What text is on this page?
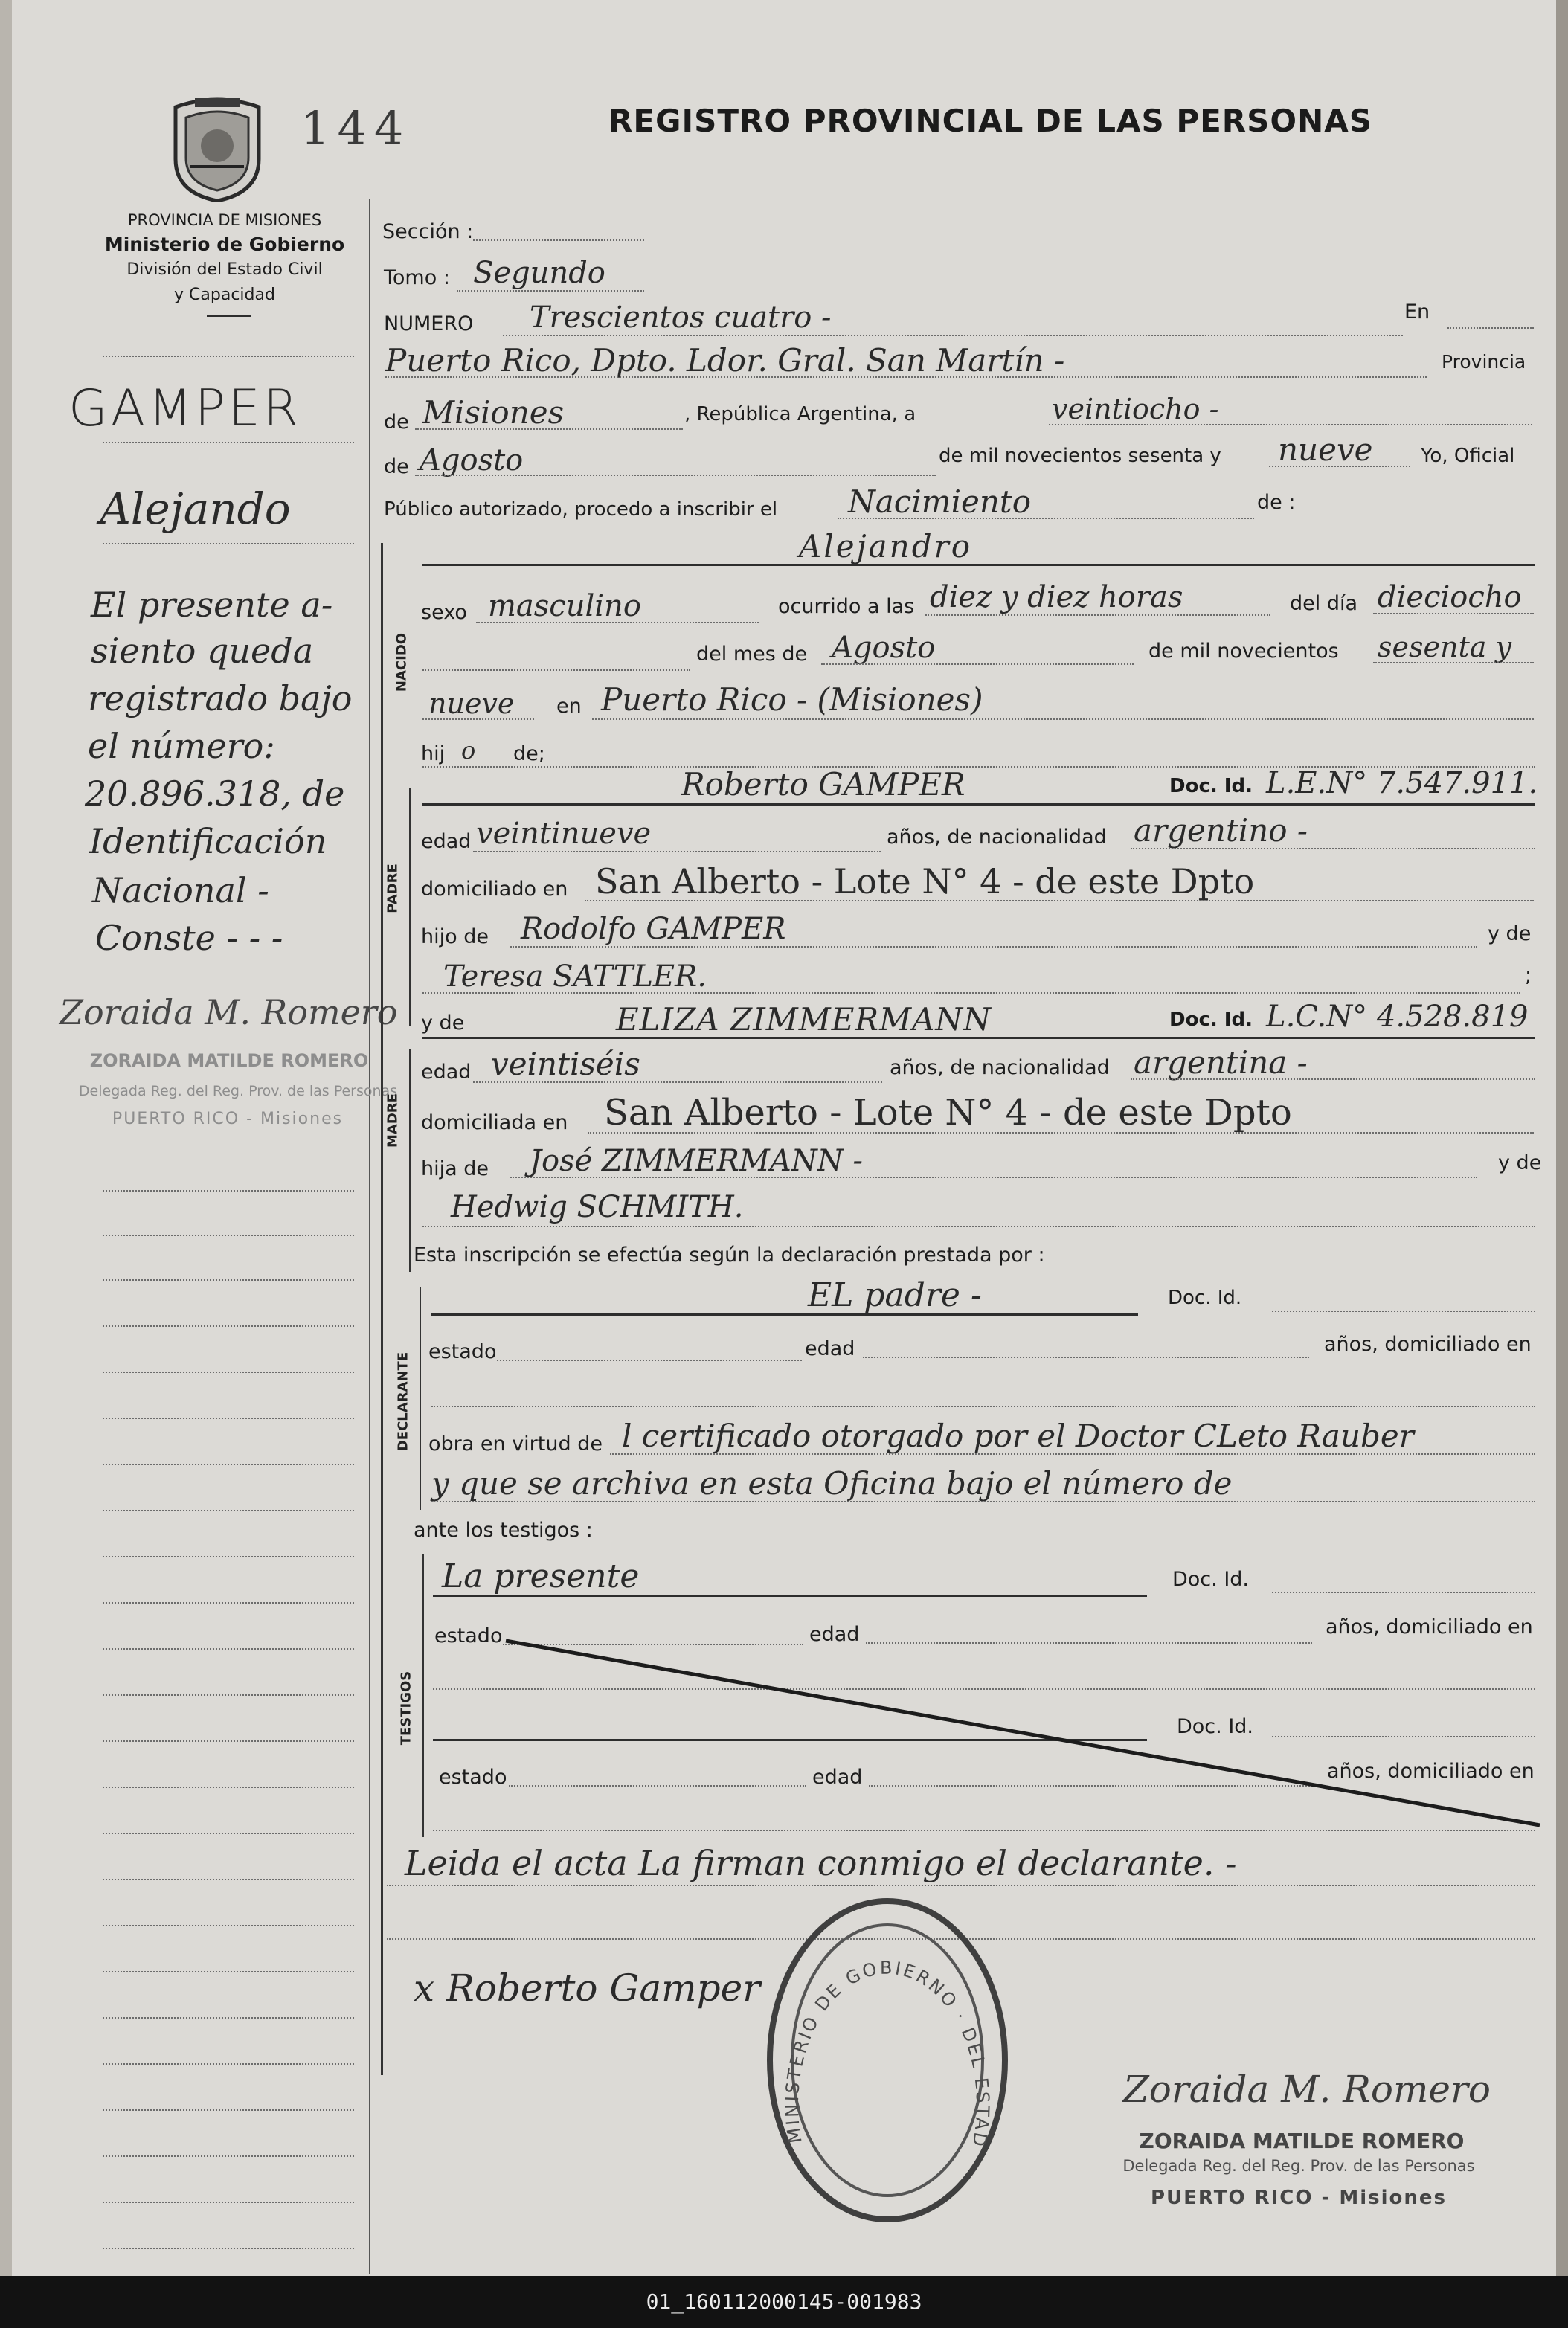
144	REGISTRO PROVINCIAL DE LAS PERSONAS
PROVINCIA DE MISIONES
Ministerio de Gobierno
División del Estado Civil
y Capacidad
GAMPER
Alejando
El presente a-
siento queda
registrado bajo
el número:
20.896.318, de
Identificación
Nacional -
Conste - - -
Zoraida M. Romero
ZORAIDA MATILDE ROMERO
Delegada Reg. del Reg. Prov. de las Personas
PUERTO RICO - Misiones
Sección :
Tomo : Segundo
NUMERO Trescientos cuatro -	En
Puerto Rico, Dpto. Ldor. Gral. San Martín -	Provincia
de Misiones	, República Argentina, a	veintiocho -
de Agosto	de mil novecientos sesenta y nueve Yo, Oficial
Público autorizado, procedo a inscribir el Nacimiento	de :
NACIDO
Alejandro
sexo masculino	ocurrido a las diez y diez horas	del día dieciocho
del mes de Agosto	de mil novecientos sesenta y
nueve en Puerto Rico - (Misiones)
hij o de;
PADRE
Roberto GAMPER	Doc. Id. L.E.N° 7.547.911.
edad veintinueve	años, de nacionalidad argentino -
domiciliado en San Alberto - Lote N° 4 - de este Dpto
hijo de Rodolfo GAMPER	y de
Teresa SATTLER.	;
y de	ELIZA ZIMMERMANN	Doc. Id. L.C.N° 4.528.819
MADRE
edad veintiséis	años, de nacionalidad argentina -
domiciliada en San Alberto - Lote N° 4 - de este Dpto
hija de José ZIMMERMANN -	y de
Hedwig SCHMITH.
Esta inscripción se efectúa según la declaración prestada por :
DECLARANTE
EL padre -	Doc. Id.
estado	edad	años, domiciliado en
obra en virtud de l certificado otorgado por el Doctor CLeto Rauber
y que se archiva en esta Oficina bajo el número de
ante los testigos :
TESTIGOS
La presente	Doc. Id.
estado	edad	años, domiciliado en
Doc. Id.
estado	edad	años, domiciliado en
Leida el acta La firman conmigo el declarante. -
x Roberto Gamper
MINISTERIO DE GOBIERNO · DEL ESTAD
Zoraida M. Romero
ZORAIDA MATILDE ROMERO
Delegada Reg. del Reg. Prov. de las Personas
PUERTO RICO - Misiones
01_160112000145-001983
